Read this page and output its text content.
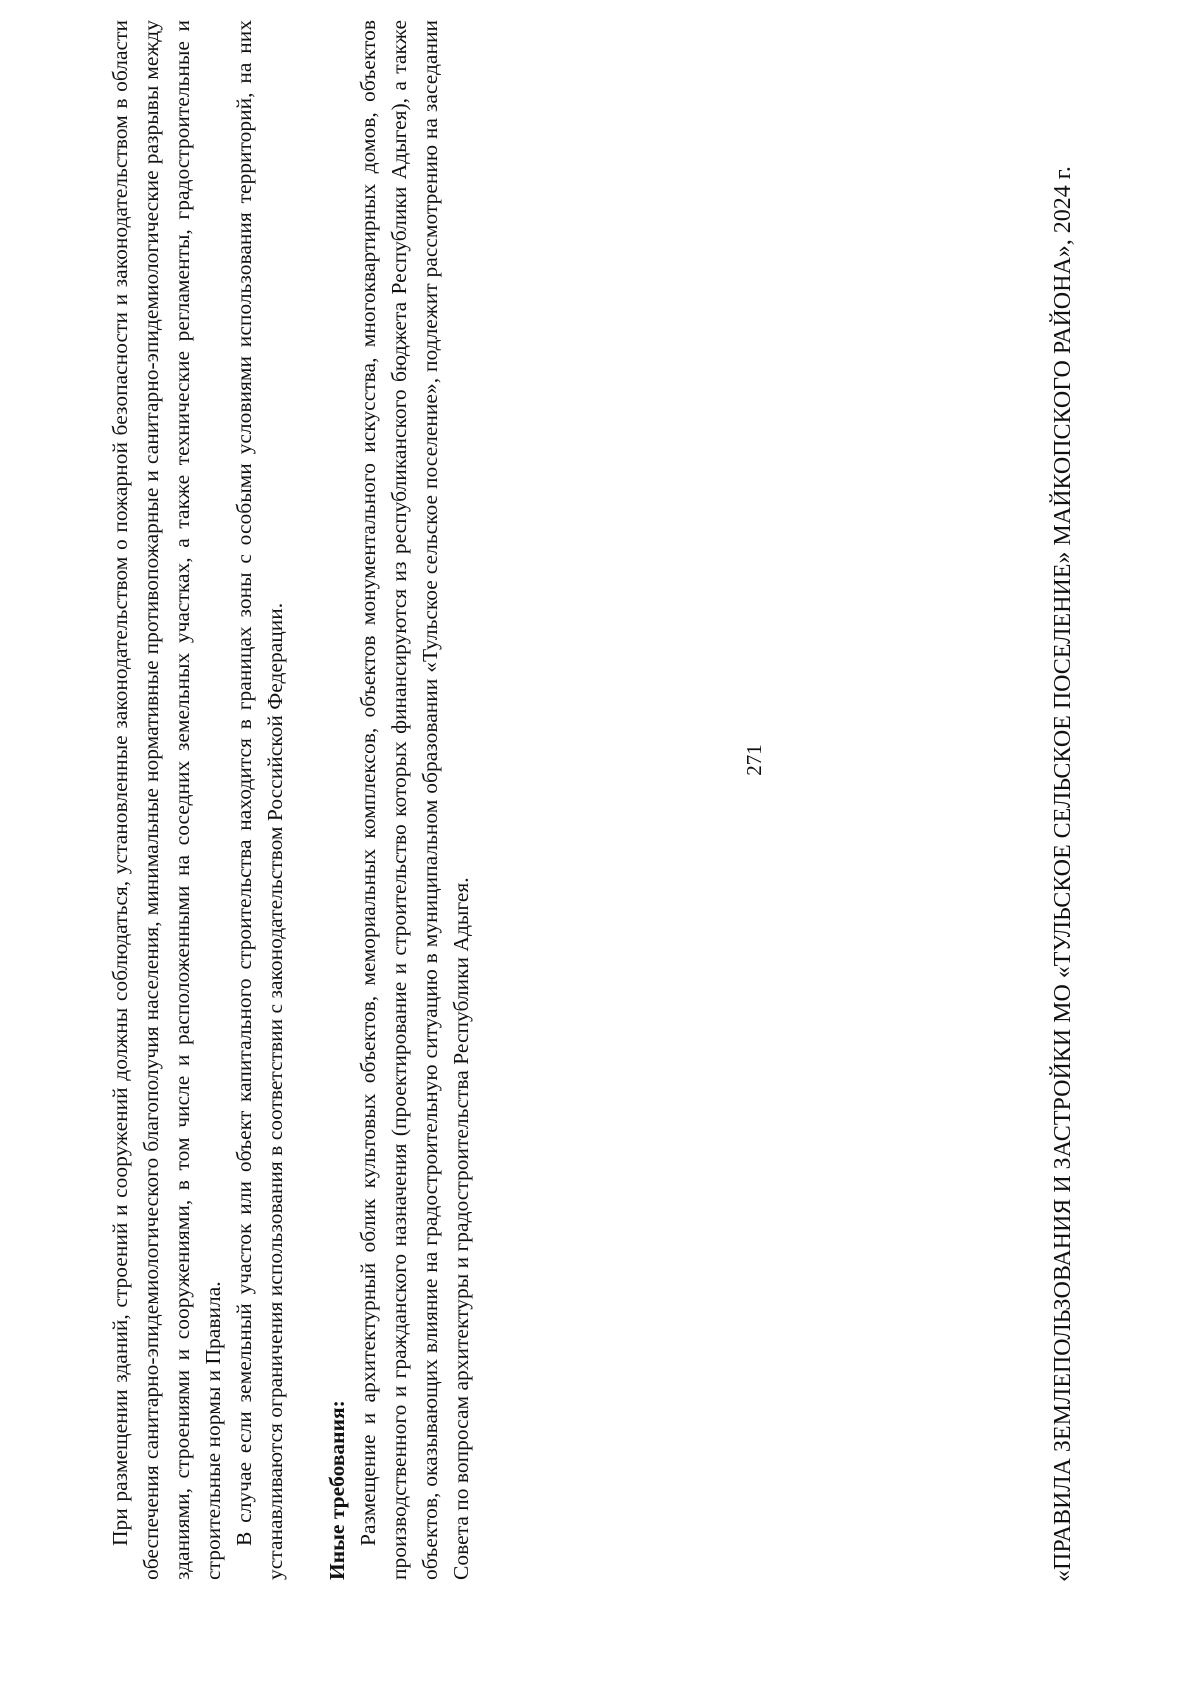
271

При размещении зданий, строений и сооружений должны соблюдаться, установленные законодательством о пожарной безопасности и законодательством в области обеспечения санитарно-эпидемиологического благополучия населения, минимальные нормативные противопожарные и санитарно-эпидемиологические разрывы между зданиями, строениями и сооружениями, в том числе и расположенными на соседних земельных участках, а также технические регламенты, градостроительные и строительные нормы и Правила. В случае если земельный участок или объект капитального строительства находится в границах зоны с особыми условиями использования территорий, на них устанавливаются ограничения использования в соответствии с законодательством Российской Федерации. Иные требования: Размещение и архитектурный облик культовых объектов, мемориальных комплексов, объектов монументального искусства, многоквартирных домов, объектов производственного и гражданского назначения (проектирование и строительство которых финансируются из республиканского бюджета Республики Адыгея), а также объектов, оказывающих влияние на градостроительную ситуацию в муниципальном образовании «Тульское сельское поселение», подлежит рассмотрению на заседании Совета по вопросам архитектуры и градостроительства Республики Адыгея.	«ПРАВИЛА ЗЕМЛЕПОЛЬЗОВАНИЯ И ЗАСТРОЙКИ МО «ТУЛЬСКОЕ СЕЛЬСКОЕ ПОСЕЛЕНИЕ» МАЙКОПСКОГО РАЙОНА», 2024 г.
